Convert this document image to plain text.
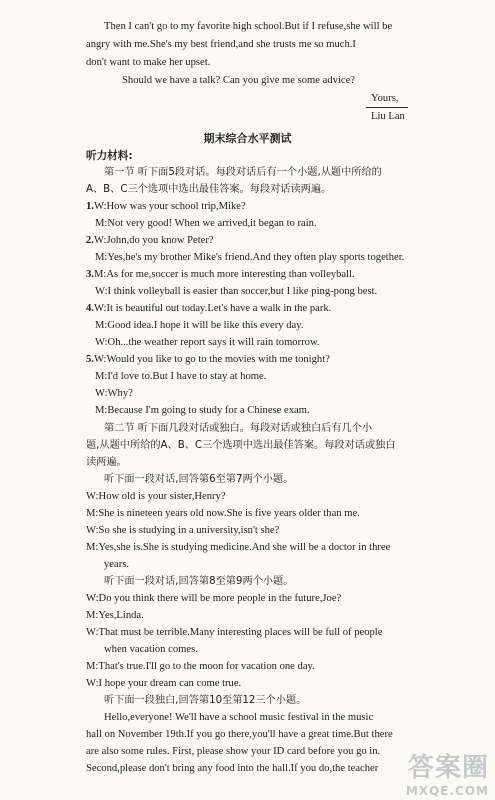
Then I can't go to my favorite high school.But if I refuse,she will be
angry with me.She's my best friend,and she trusts me so much.I
don't want to make her upset.
Should we have a talk? Can you give me some advice?
Yours,
Liu Lan
期末综合水平测试
听力材料:
第一节 听下面5段对话。每段对话后有一个小题,从题中所给的
A、B、C三个选项中选出最佳答案。每段对话读两遍。
1.W:How was your school trip,Mike?
M:Not very good! When we arrived,it began to rain.
2.W:John,do you know Peter?
M:Yes,he's my brother Mike's friend.And they often play sports together.
3.M:As for me,soccer is much more interesting than volleyball.
W:I think volleyball is easier than soccer,but I like ping-pong best.
4.W:It is beautiful out today.Let's have a walk in the park.
M:Good idea.I hope it will be like this every day.
W:Oh...the weather report says it will rain tomorrow.
5.W:Would you like to go to the movies with me tonight?
M:I'd love to.But I have to stay at home.
W:Why?
M:Because I'm going to study for a Chinese exam.
第二节 听下面几段对话或独白。每段对话或独白后有几个小
题,从题中所给的A、B、C三个选项中选出最佳答案。每段对话或独白
读两遍。
听下面一段对话,回答第6至第7两个小题。
W:How old is your sister,Henry?
M:She is nineteen years old now.She is five years older than me.
W:So she is studying in a university,isn't she?
M:Yes,she is.She is studying medicine.And she will be a doctor in three
years.
听下面一段对话,回答第8至第9两个小题。
W:Do you think there will be more people in the future,Joe?
M:Yes,Linda.
W:That must be terrible.Many interesting places will be full of people
when vacation comes.
M:That's true.I'll go to the moon for vacation one day.
W:I hope your dream can come true.
听下面一段独白,回答第10至第12三个小题。
Hello,everyone! We'll have a school music festival in the music
hall on November 19th.If you go there,you'll have a great time.But there
are also some rules. First, please show your ID card before you go in.
Second,please don't bring any food into the hall.If you do,the teacher 答案圈
MXQE.COM
